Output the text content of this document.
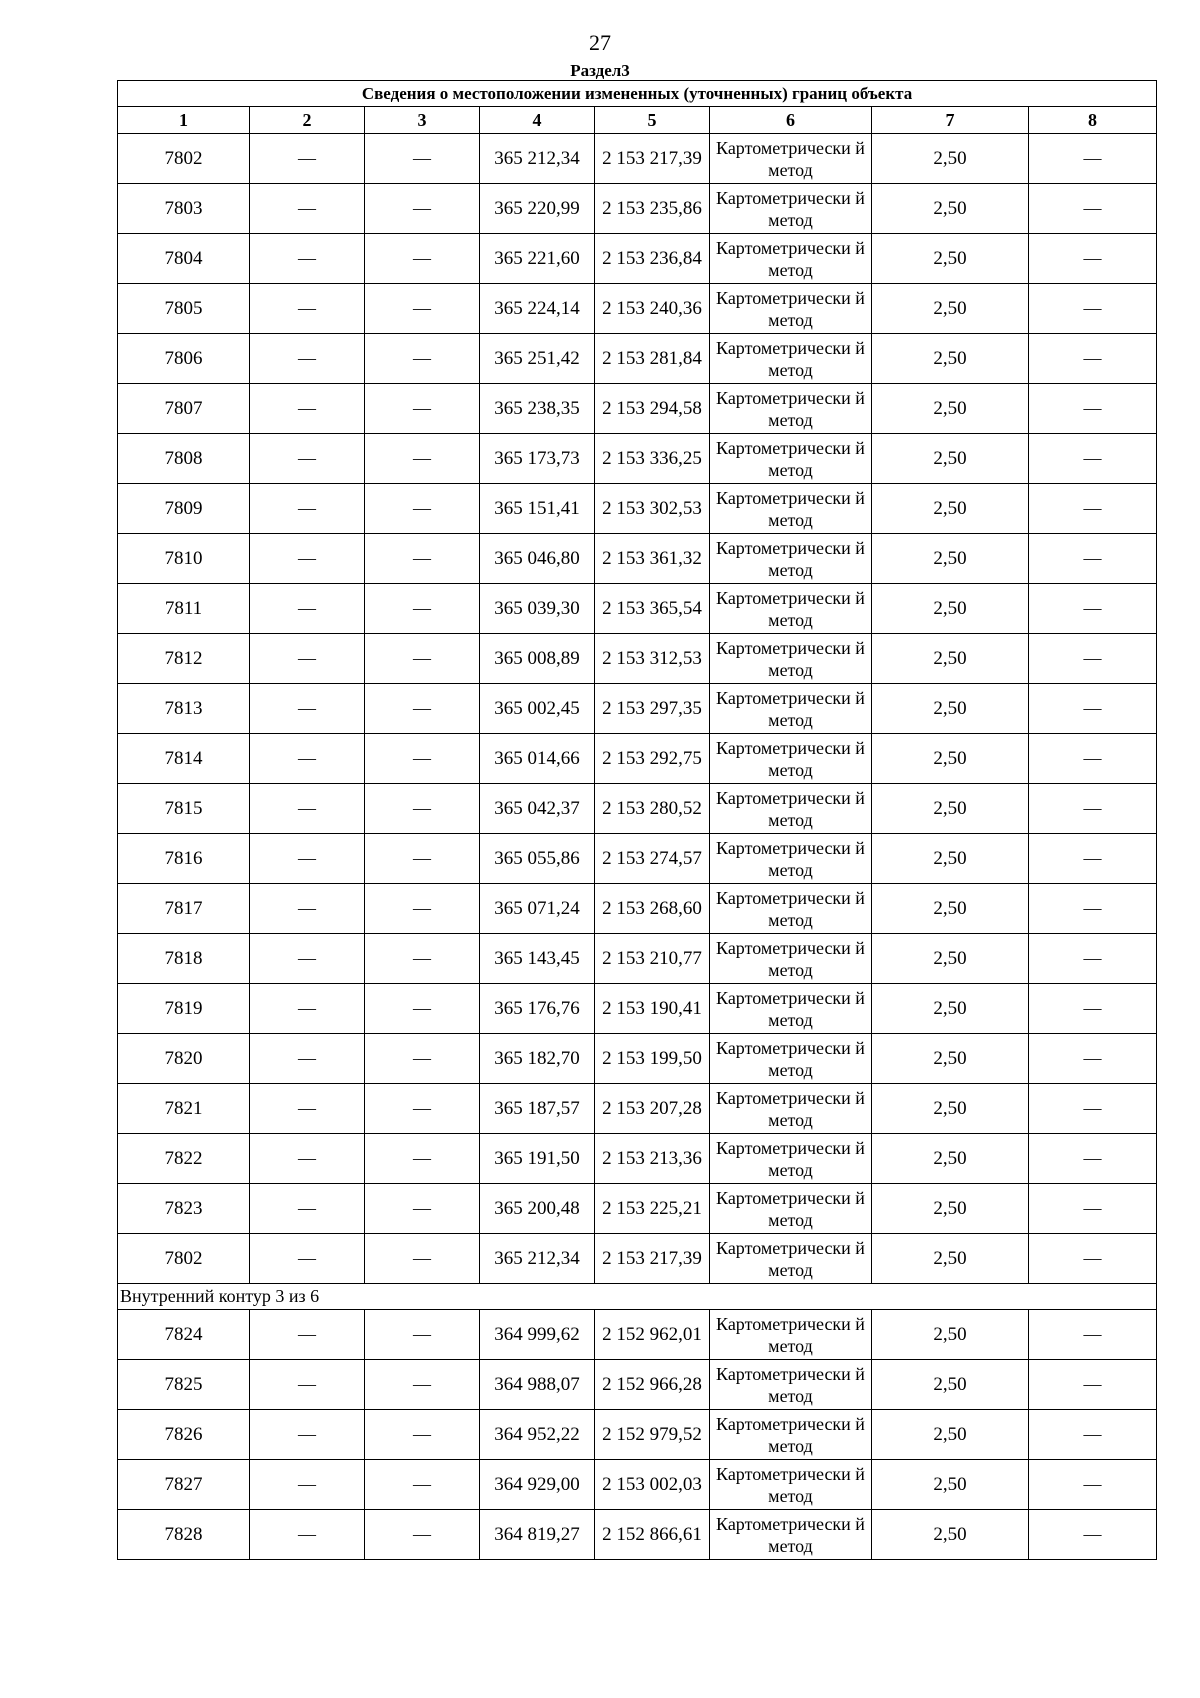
27
Раздел3
Сведения о местоположении измененных (уточненных) границ объекта							
1	2	3	4	5	6	7	8
7802	—	—	365 212,34	2 153 217,39	Картометрически й метод	2,50	—
7803	—	—	365 220,99	2 153 235,86	Картометрически й метод	2,50	—
7804	—	—	365 221,60	2 153 236,84	Картометрически й метод	2,50	—
7805	—	—	365 224,14	2 153 240,36	Картометрически й метод	2,50	—
7806	—	—	365 251,42	2 153 281,84	Картометрически й метод	2,50	—
7807	—	—	365 238,35	2 153 294,58	Картометрически й метод	2,50	—
7808	—	—	365 173,73	2 153 336,25	Картометрически й метод	2,50	—
7809	—	—	365 151,41	2 153 302,53	Картометрически й метод	2,50	—
7810	—	—	365 046,80	2 153 361,32	Картометрически й метод	2,50	—
7811	—	—	365 039,30	2 153 365,54	Картометрически й метод	2,50	—
7812	—	—	365 008,89	2 153 312,53	Картометрически й метод	2,50	—
7813	—	—	365 002,45	2 153 297,35	Картометрически й метод	2,50	—
7814	—	—	365 014,66	2 153 292,75	Картометрически й метод	2,50	—
7815	—	—	365 042,37	2 153 280,52	Картометрически й метод	2,50	—
7816	—	—	365 055,86	2 153 274,57	Картометрически й метод	2,50	—
7817	—	—	365 071,24	2 153 268,60	Картометрически й метод	2,50	—
7818	—	—	365 143,45	2 153 210,77	Картометрически й метод	2,50	—
7819	—	—	365 176,76	2 153 190,41	Картометрически й метод	2,50	—
7820	—	—	365 182,70	2 153 199,50	Картометрически й метод	2,50	—
7821	—	—	365 187,57	2 153 207,28	Картометрически й метод	2,50	—
7822	—	—	365 191,50	2 153 213,36	Картометрически й метод	2,50	—
7823	—	—	365 200,48	2 153 225,21	Картометрически й метод	2,50	—
7802	—	—	365 212,34	2 153 217,39	Картометрически й метод	2,50	—
Внутренний контур 3 из 6							
7824	—	—	364 999,62	2 152 962,01	Картометрически й метод	2,50	—
7825	—	—	364 988,07	2 152 966,28	Картометрически й метод	2,50	—
7826	—	—	364 952,22	2 152 979,52	Картометрически й метод	2,50	—
7827	—	—	364 929,00	2 153 002,03	Картометрически й метод	2,50	—
7828	—	—	364 819,27	2 152 866,61	Картометрически й метод	2,50	—
